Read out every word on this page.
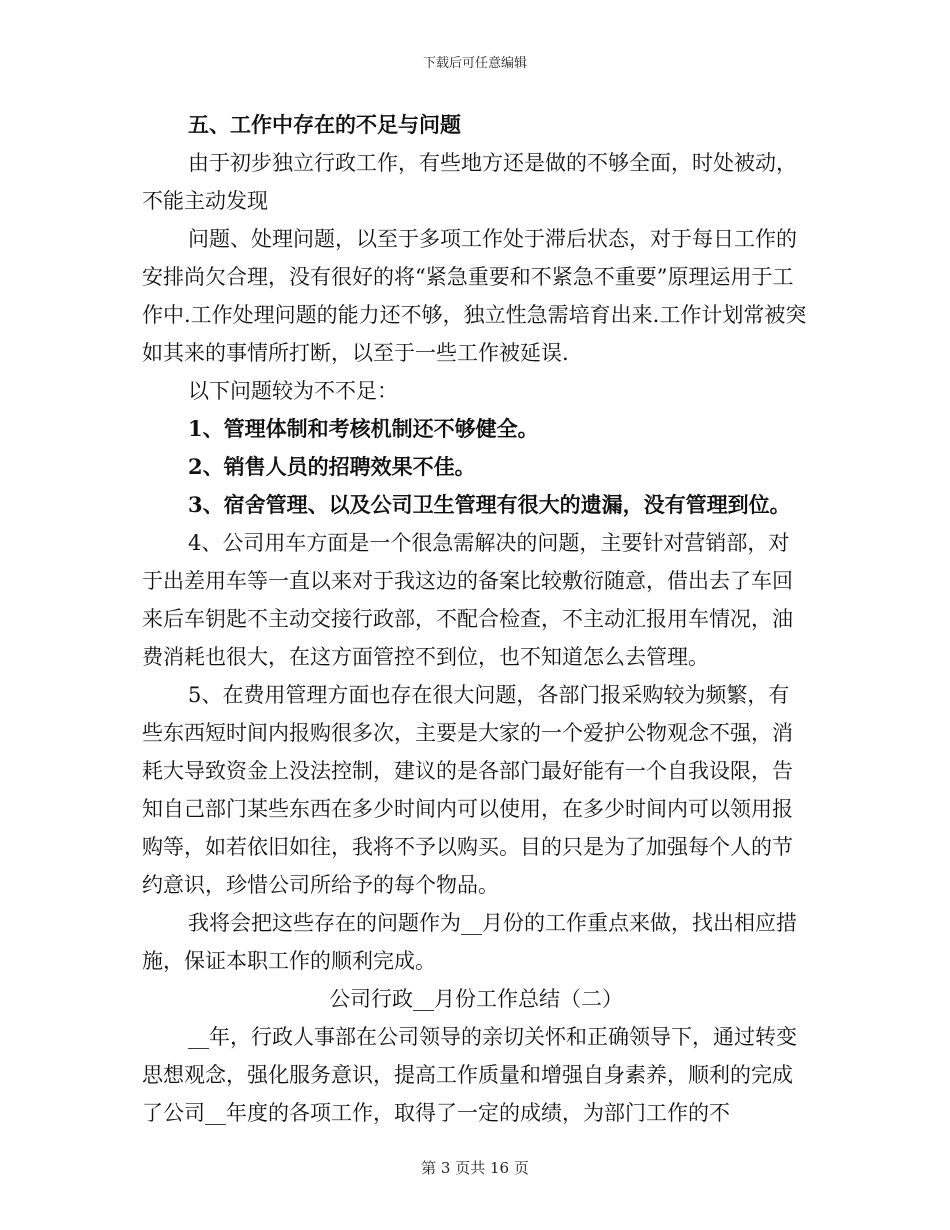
下载后可任意编辑

五、工作中存在的不足与问题

由于初步独立行政工作，有些地方还是做的不够全面，时处被动，不能主动发现

问题、处理问题，以至于多项工作处于滞后状态，对于每日工作的安排尚欠合理，没有很好的将“紧急重要和不紧急不重要”原理运用于工作中.工作处理问题的能力还不够，独立性急需培育出来.工作计划常被突如其来的事情所打断，以至于一些工作被延误.

以下问题较为不不足：

1、管理体制和考核机制还不够健全。

2、销售人员的招聘效果不佳。

3、宿舍管理、以及公司卫生管理有很大的遗漏，没有管理到位。

4、公司用车方面是一个很急需解决的问题，主要针对营销部，对于出差用车等一直以来对于我这边的备案比较敷衍随意，借出去了车回来后车钥匙不主动交接行政部，不配合检查，不主动汇报用车情况，油费消耗也很大，在这方面管控不到位，也不知道怎么去管理。

5、在费用管理方面也存在很大问题，各部门报采购较为频繁，有些东西短时间内报购很多次，主要是大家的一个爱护公物观念不强，消耗大导致资金上没法控制，建议的是各部门最好能有一个自我设限，告知自己部门某些东西在多少时间内可以使用，在多少时间内可以领用报购等，如若依旧如往，我将不予以购买。目的只是为了加强每个人的节约意识，珍惜公司所给予的每个物品。

我将会把这些存在的问题作为__月份的工作重点来做，找出相应措施，保证本职工作的顺利完成。

公司行政__月份工作总结（二）

__年，行政人事部在公司领导的亲切关怀和正确领导下，通过转变思想观念，强化服务意识，提高工作质量和增强自身素养，顺利的完成了公司__年度的各项工作，取得了一定的成绩，为部门工作的不

第 3 页共 16 页
